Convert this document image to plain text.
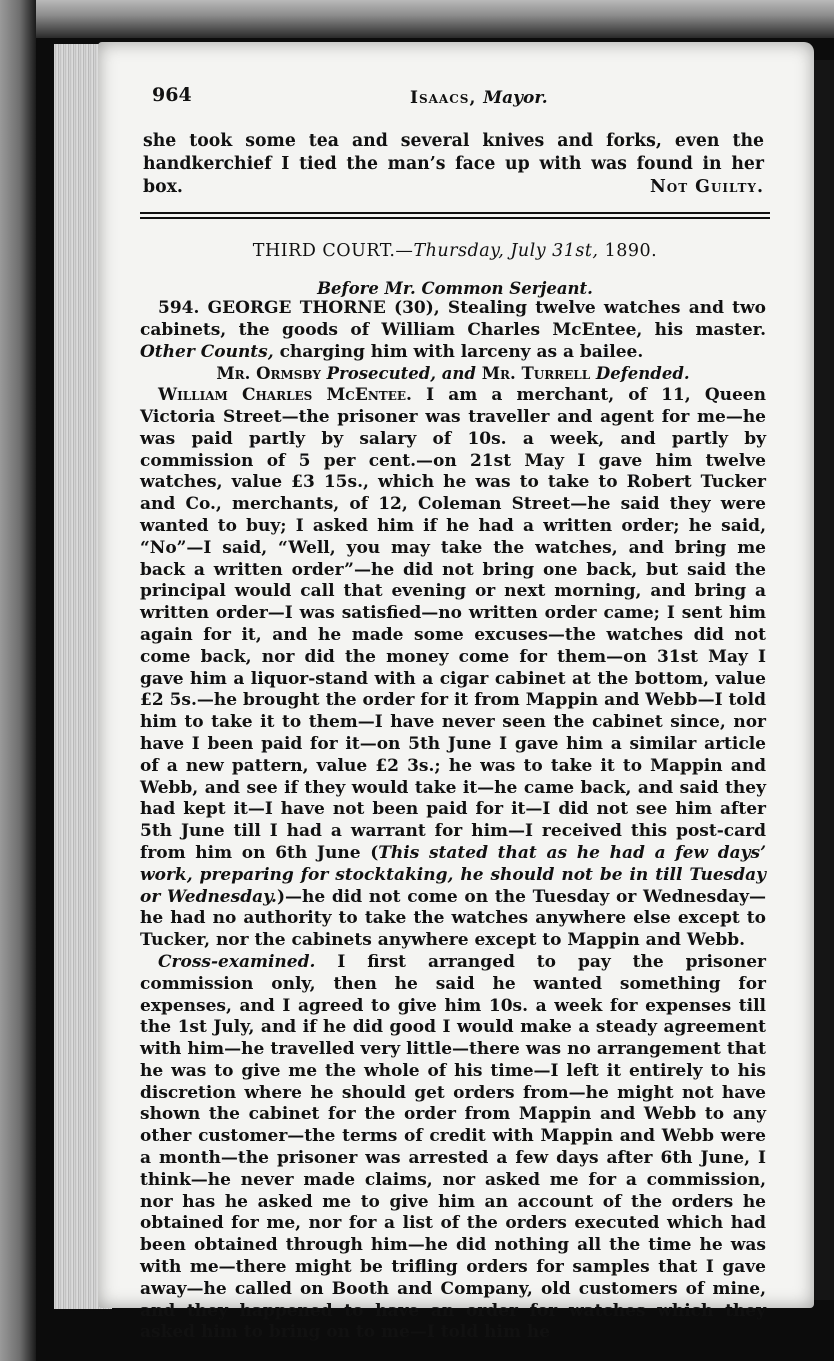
964	Isaacs, Mayor.
she took some tea and several knives and forks, even the handkerchief I tied the man’s face up with was found in her box.	Not Guilty.
THIRD COURT.—Thursday, July 31st, 1890.
Before Mr. Common Serjeant.

594. GEORGE THORNE (30), Stealing twelve watches and two cabinets, the goods of William Charles McEntee, his master. Other Counts, charging him with larceny as a bailee.

Mr. Ormsby Prosecuted, and Mr. Turrell Defended.

William Charles McEntee. I am a merchant, of 11, Queen Victoria Street—the prisoner was traveller and agent for me—he was paid partly by salary of 10s. a week, and partly by commission of 5 per cent.—on 21st May I gave him twelve watches, value £3 15s., which he was to take to Robert Tucker and Co., merchants, of 12, Coleman Street—he said they were wanted to buy; I asked him if he had a written order; he said, “No”—I said, “Well, you may take the watches, and bring me back a written order”—he did not bring one back, but said the principal would call that evening or next morning, and bring a written order—I was satisfied—no written order came; I sent him again for it, and he made some excuses—the watches did not come back, nor did the money come for them—on 31st May I gave him a liquor-stand with a cigar cabinet at the bottom, value £2 5s.—he brought the order for it from Mappin and Webb—I told him to take it to them—I have never seen the cabinet since, nor have I been paid for it—on 5th June I gave him a similar article of a new pattern, value £2 3s.; he was to take it to Mappin and Webb, and see if they would take it—he came back, and said they had kept it—I have not been paid for it—I did not see him after 5th June till I had a warrant for him—I received this post-card from him on 6th June (This stated that as he had a few days’ work, preparing for stocktaking, he should not be in till Tuesday or Wednesday.)—he did not come on the Tuesday or Wednesday—he had no authority to take the watches anywhere else except to Tucker, nor the cabinets anywhere except to Mappin and Webb.

Cross-examined. I first arranged to pay the prisoner commission only, then he said he wanted something for expenses, and I agreed to give him 10s. a week for expenses till the 1st July, and if he did good I would make a steady agreement with him—he travelled very little—there was no arrangement that he was to give me the whole of his time—I left it entirely to his discretion where he should get orders from—he might not have shown the cabinet for the order from Mappin and Webb to any other customer—the terms of credit with Mappin and Webb were a month—the prisoner was arrested a few days after 6th June, I think—he never made claims, nor asked me for a commission, nor has he asked me to give him an account of the orders he obtained for me, nor for a list of the orders executed which had been obtained through him—he did nothing all the time he was with me—there might be trifling orders for samples that I gave away—he called on Booth and Company, old customers of mine, and they happened to have an order for watches which they asked him to bring on to me—I told him he
